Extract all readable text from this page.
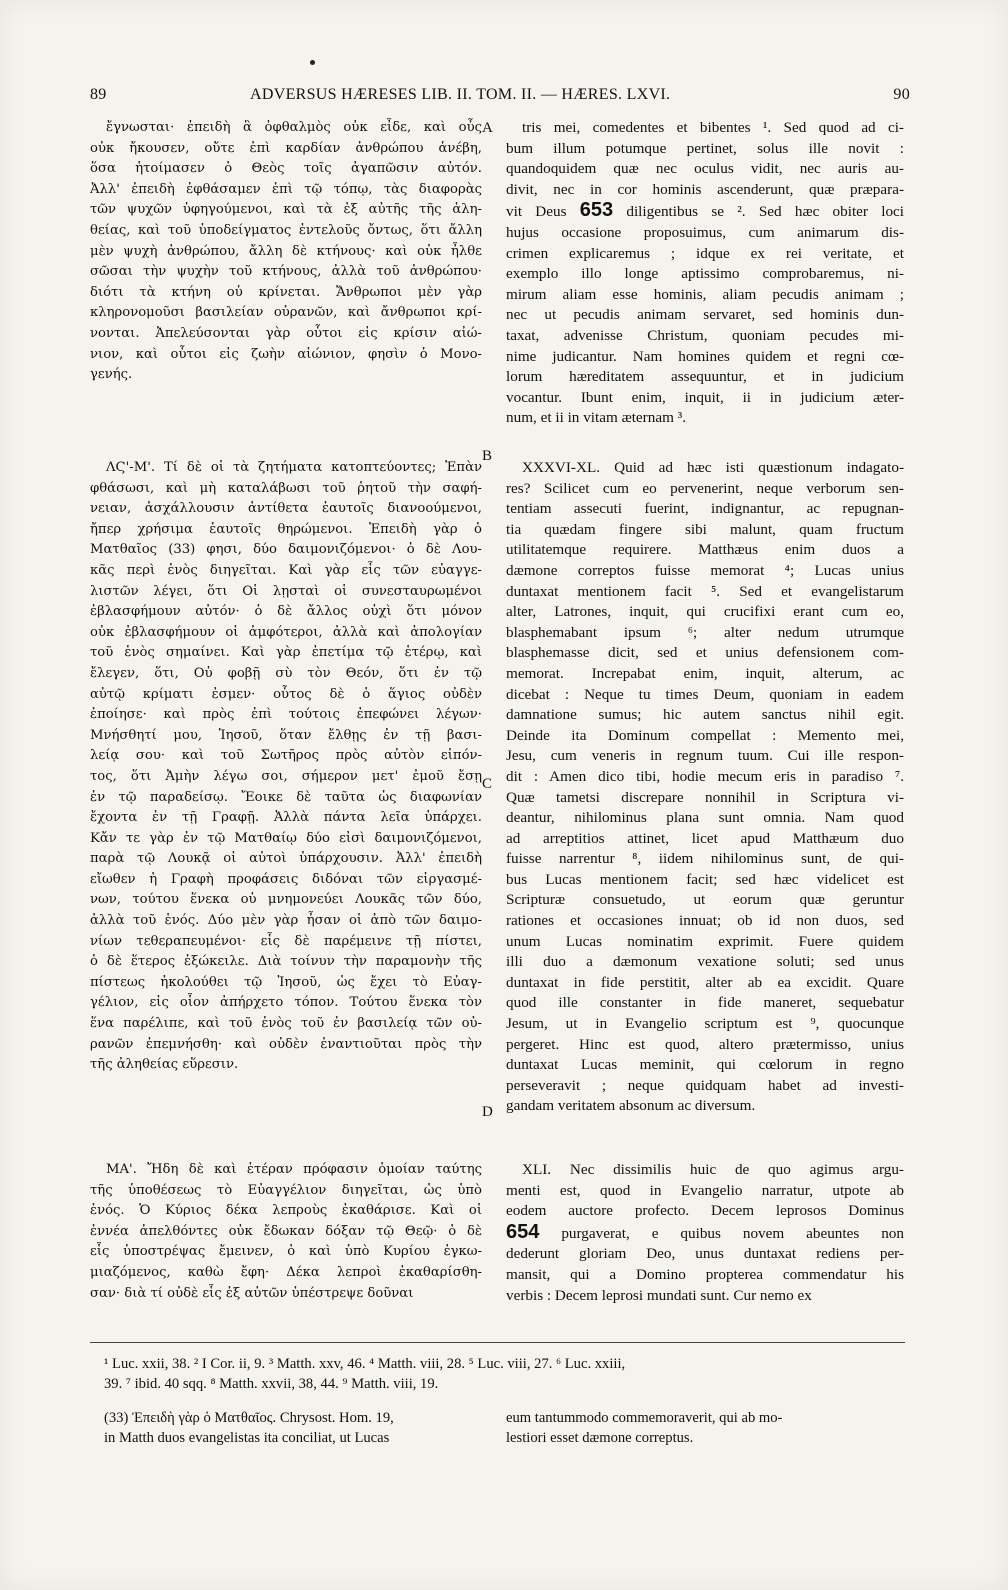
89	ADVERSUS HÆRESES LIB. II. TOM. II. — HÆRES. LXVI.	90
ἔγνωσται· ἐπειδὴ ἃ ὀφθαλμὸς οὐκ εἶδε, καὶ οὖς
οὐκ ἤκουσεν, οὔτε ἐπὶ καρδίαν ἀνθρώπου ἀνέβη,
ὅσα ἡτοίμασεν ὁ Θεὸς τοῖς ἀγαπῶσιν αὐτόν.
Ἀλλ' ἐπειδὴ ἐφθάσαμεν ἐπὶ τῷ τόπῳ, τὰς διαφορὰς
τῶν ψυχῶν ὑφηγούμενοι, καὶ τὰ ἐξ αὐτῆς τῆς ἀλη-
θείας, καὶ τοῦ ὑποδείγματος ἐντελοῦς ὄντως, ὅτι ἄλλη
μὲν ψυχὴ ἀνθρώπου, ἄλλη δὲ κτήνους· καὶ οὐκ ἦλθε
σῶσαι τὴν ψυχὴν τοῦ κτήνους, ἀλλὰ τοῦ ἀνθρώπου·
διότι τὰ κτήνη οὐ κρίνεται. Ἄνθρωποι μὲν γὰρ
κληρονομοῦσι βασιλείαν οὐρανῶν, καὶ ἄνθρωποι κρί-
νονται. Ἀπελεύσονται γὰρ οὗτοι εἰς κρίσιν αἰώ-
νιον, καὶ οὗτοι εἰς ζωὴν αἰώνιον, φησὶν ὁ Μονο-
γενής.
ΛϚ'-Μ'. Τί δὲ οἱ τὰ ζητήματα κατοπτεύοντες; Ἐπὰν
φθάσωσι, καὶ μὴ καταλάβωσι τοῦ ῥητοῦ τὴν σαφή-
νειαν, ἀσχάλλουσιν ἀντίθετα ἑαυτοῖς διανοούμενοι,
ἤπερ χρήσιμα ἑαυτοῖς θηρώμενοι. Ἐπειδὴ γὰρ ὁ
Ματθαῖος (33) φησι, δύο δαιμονιζόμενοι· ὁ δὲ Λου-
κᾶς περὶ ἑνὸς διηγεῖται. Καὶ γὰρ εἷς τῶν εὐαγγε-
λιστῶν λέγει, ὅτι Οἱ λῃσταὶ οἱ συνεσταυρωμένοι
ἐβλασφήμουν αὐτόν· ὁ δὲ ἄλλος οὐχὶ ὅτι μόνον
οὐκ ἐβλασφήμουν οἱ ἀμφότεροι, ἀλλὰ καὶ ἀπολογίαν
τοῦ ἑνὸς σημαίνει. Καὶ γὰρ ἐπετίμα τῷ ἑτέρῳ, καὶ
ἔλεγεν, ὅτι, Οὐ φοβῇ σὺ τὸν Θεόν, ὅτι ἐν τῷ
αὐτῷ κρίματι ἐσμεν· οὗτος δὲ ὁ ἅγιος οὐδὲν
ἐποίησε· καὶ πρὸς ἐπὶ τούτοις ἐπεφώνει λέγων·
Μνήσθητί μου, Ἰησοῦ, ὅταν ἔλθῃς ἐν τῇ βασι-
λείᾳ σου· καὶ τοῦ Σωτῆρος πρὸς αὐτὸν εἰπόν-
τος, ὅτι Ἀμὴν λέγω σοι, σήμερον μετ' ἐμοῦ ἔσῃ
ἐν τῷ παραδείσῳ. Ἔοικε δὲ ταῦτα ὡς διαφωνίαν
ἔχοντα ἐν τῇ Γραφῇ. Ἀλλὰ πάντα λεῖα ὑπάρχει.
Κἄν τε γὰρ ἐν τῷ Ματθαίῳ δύο εἰσὶ δαιμονιζόμενοι,
παρὰ τῷ Λουκᾷ οἱ αὐτοὶ ὑπάρχουσιν. Ἀλλ' ἐπειδὴ
εἴωθεν ἡ Γραφὴ προφάσεις διδόναι τῶν εἰργασμέ-
νων, τούτου ἕνεκα οὐ μνημονεύει Λουκᾶς τῶν δύο,
ἀλλὰ τοῦ ἑνός. Δύο μὲν γὰρ ἦσαν οἱ ἀπὸ τῶν δαιμο-
νίων τεθεραπευμένοι· εἷς δὲ παρέμεινε τῇ πίστει,
ὁ δὲ ἕτερος ἐξώκειλε. Διὰ τοίνυν τὴν παραμονὴν τῆς
πίστεως ἠκολούθει τῷ Ἰησοῦ, ὡς ἔχει τὸ Εὐαγ-
γέλιον, εἰς οἷον ἀπήρχετο τόπον. Τούτου ἕνεκα τὸν
ἕνα παρέλιπε, καὶ τοῦ ἑνὸς τοῦ ἐν βασιλείᾳ τῶν οὐ-
ρανῶν ἐπεμνήσθη· καὶ οὐδὲν ἐναντιοῦται πρὸς τὴν
τῆς ἀληθείας εὕρεσιν.
ΜΑ'. Ἤδη δὲ καὶ ἑτέραν πρόφασιν ὁμοίαν ταύτης
τῆς ὑποθέσεως τὸ Εὐαγγέλιον διηγεῖται, ὡς ὑπὸ
ἑνός. Ὁ Κύριος δέκα λεπροὺς ἐκαθάρισε. Καὶ οἱ
ἐννέα ἀπελθόντες οὐκ ἔδωκαν δόξαν τῷ Θεῷ· ὁ δὲ
εἷς ὑποστρέψας ἔμεινεν, ὁ καὶ ὑπὸ Κυρίου ἐγκω-
μιαζόμενος, καθὼ ἔφη· Δέκα λεπροὶ ἐκαθαρίσθη-
σαν· διὰ τί οὐδὲ εἷς ἐξ αὐτῶν ὑπέστρεψε δοῦναι
tris mei, comedentes et bibentes ¹. Sed quod ad ci-
bum illum potumque pertinet, solus ille novit :
quandoquidem quæ nec oculus vidit, nec auris au-
divit, nec in cor hominis ascenderunt, quæ præpara-
vit Deus 653 diligentibus se ². Sed hæc obiter loci
hujus occasione proposuimus, cum animarum dis-
crimen explicaremus ; idque ex rei veritate, et
exemplo illo longe aptissimo comprobaremus, ni-
mirum aliam esse hominis, aliam pecudis animam ;
nec ut pecudis animam servaret, sed hominis dun-
taxat, advenisse Christum, quoniam pecudes mi-
nime judicantur. Nam homines quidem et regni cœ-
lorum hæreditatem assequuntur, et in judicium
vocantur. Ibunt enim, inquit, ii in judicium æter-
num, et ii in vitam æternam ³.
XXXVI-XL. Quid ad hæc isti quæstionum indagato-
res? Scilicet cum eo pervenerint, neque verborum sen-
tentiam assecuti fuerint, indignantur, ac repugnan-
tia quædam fingere sibi malunt, quam fructum
utilitatemque requirere. Matthæus enim duos a
dæmone correptos fuisse memorat ⁴; Lucas unius
duntaxat mentionem facit ⁵. Sed et evangelistarum
alter, Latrones, inquit, qui crucifixi erant cum eo,
blasphemabant ipsum ⁶; alter nedum utrumque
blasphemasse dicit, sed et unius defensionem com-
memorat. Increpabat enim, inquit, alterum, ac
dicebat : Neque tu times Deum, quoniam in eadem
damnatione sumus; hic autem sanctus nihil egit.
Deinde ita Dominum compellat : Memento mei,
Jesu, cum veneris in regnum tuum. Cui ille respon-
dit : Amen dico tibi, hodie mecum eris in paradiso ⁷.
Quæ tametsi discrepare nonnihil in Scriptura vi-
deantur, nihilominus plana sunt omnia. Nam quod
ad arreptitios attinet, licet apud Matthæum duo
fuisse narrentur ⁸, iidem nihilominus sunt, de qui-
bus Lucas mentionem facit; sed hæc videlicet est
Scripturæ consuetudo, ut eorum quæ geruntur
rationes et occasiones innuat; ob id non duos, sed
unum Lucas nominatim exprimit. Fuere quidem
illi duo a dæmonum vexatione soluti; sed unus
duntaxat in fide perstitit, alter ab ea excidit. Quare
quod ille constanter in fide maneret, sequebatur
Jesum, ut in Evangelio scriptum est ⁹, quocunque
pergeret. Hinc est quod, altero prætermisso, unius
duntaxat Lucas meminit, qui cœlorum in regno
perseveravit ; neque quidquam habet ad investi-
gandam veritatem absonum ac diversum.
XLI. Nec dissimilis huic de quo agimus argu-
menti est, quod in Evangelio narratur, utpote ab
eodem auctore profecto. Decem leprosos Dominus
654 purgaverat, e quibus novem abeuntes non
dederunt gloriam Deo, unus duntaxat rediens per-
mansit, qui a Domino propterea commendatur his
verbis : Decem leprosi mundati sunt. Cur nemo ex
A
B
C
D
¹ Luc. xxii, 38. ² I Cor. ii, 9. ³ Matth. xxv, 46. ⁴ Matth. viii, 28. ⁵ Luc. viii, 27. ⁶ Luc. xxiii,
39. ⁷ ibid. 40 sqq. ⁸ Matth. xxvii, 38, 44. ⁹ Matth. viii, 19.
(33) Ἐπειδὴ γὰρ ὁ Ματθαῖος. Chrysost. Hom. 19,
in Matth duos evangelistas ita conciliat, ut Lucas
eum tantummodo commemoraverit, qui ab mo-
lestiori esset dæmone correptus.
